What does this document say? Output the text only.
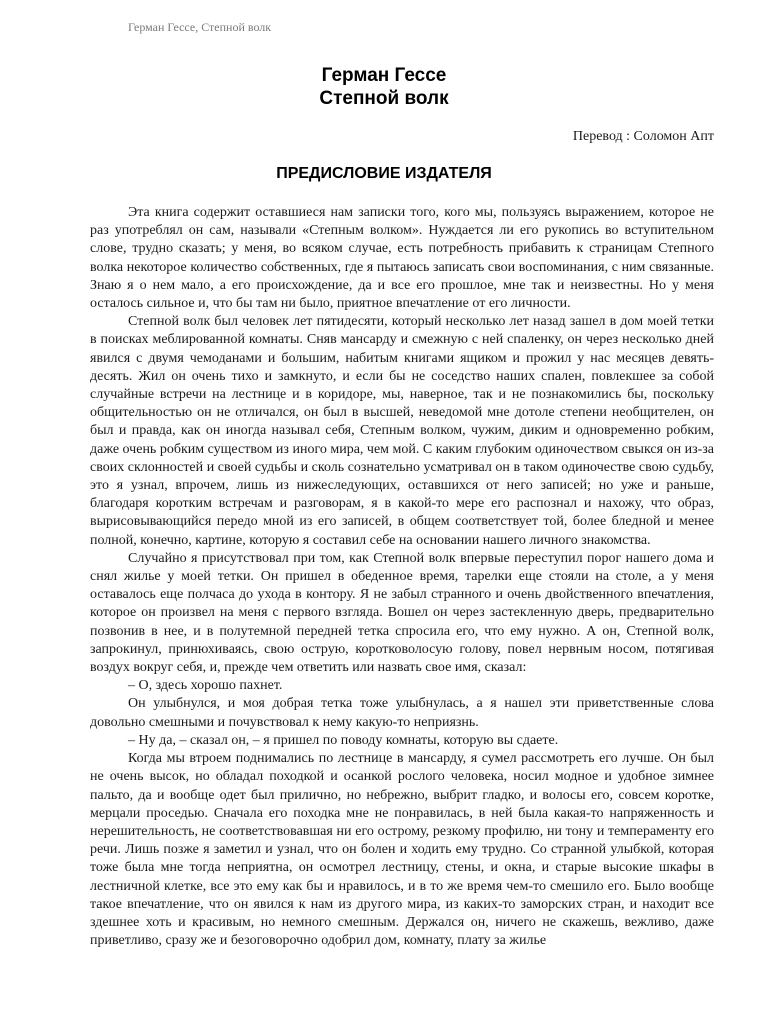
Герман Гессе, Степной волк
Герман Гессе
Степной волк
Перевод : Соломон Апт
ПРЕДИСЛОВИЕ ИЗДАТЕЛЯ

Эта книга содержит оставшиеся нам записки того, кого мы, пользуясь выражением, которое не раз употреблял он сам, называли «Степным волком». Нуждается ли его рукопись во вступительном слове, трудно сказать; у меня, во всяком случае, есть потребность прибавить к страницам Степного волка некоторое количество собственных, где я пытаюсь записать свои воспоминания, с ним связанные. Знаю я о нем мало, а его происхождение, да и все его прошлое, мне так и неизвестны. Но у меня осталось сильное и, что бы там ни было, приятное впечатление от его личности.

Степной волк был человек лет пятидесяти, который несколько лет назад зашел в дом моей тетки в поисках меблированной комнаты. Сняв мансарду и смежную с ней спаленку, он через несколько дней явился с двумя чемоданами и большим, набитым книгами ящиком и прожил у нас месяцев девять-десять. Жил он очень тихо и замкнуто, и если бы не соседство наших спален, повлекшее за собой случайные встречи на лестнице и в коридоре, мы, наверное, так и не познакомились бы, поскольку общительностью он не отличался, он был в высшей, неведомой мне дотоле степени необщителен, он был и правда, как он иногда называл себя, Степным волком, чужим, диким и одновременно робким, даже очень робким существом из иного мира, чем мой. С каким глубоким одиночеством свыкся он из-за своих склонностей и своей судьбы и сколь сознательно усматривал он в таком одиночестве свою судьбу, это я узнал, впрочем, лишь из нижеследующих, оставшихся от него записей; но уже и раньше, благодаря коротким встречам и разговорам, я в какой-то мере его распознал и нахожу, что образ, вырисовывающийся передо мной из его записей, в общем соответствует той, более бледной и менее полной, конечно, картине, которую я составил себе на основании нашего личного знакомства.

Случайно я присутствовал при том, как Степной волк впервые переступил порог нашего дома и снял жилье у моей тетки. Он пришел в обеденное время, тарелки еще стояли на столе, а у меня оставалось еще полчаса до ухода в контору. Я не забыл странного и очень двойственного впечатления, которое он произвел на меня с первого взгляда. Вошел он через застекленную дверь, предварительно позвонив в нее, и в полутемной передней тетка спросила его, что ему нужно. А он, Степной волк, запрокинул, принюхиваясь, свою острую, коротковолосую голову, повел нервным носом, потягивая воздух вокруг себя, и, прежде чем ответить или назвать свое имя, сказал:

– О, здесь хорошо пахнет.

Он улыбнулся, и моя добрая тетка тоже улыбнулась, а я нашел эти приветственные слова довольно смешными и почувствовал к нему какую-то неприязнь.

– Ну да, – сказал он, – я пришел по поводу комнаты, которую вы сдаете.

Когда мы втроем поднимались по лестнице в мансарду, я сумел рассмотреть его лучше. Он был не очень высок, но обладал походкой и осанкой рослого человека, носил модное и удобное зимнее пальто, да и вообще одет был прилично, но небрежно, выбрит гладко, и волосы его, совсем коротке, мерцали проседью. Сначала его походка мне не понравилась, в ней была какая-то напряженность и нерешительность, не соответствовавшая ни его острому, резкому профилю, ни тону и темпераменту его речи. Лишь позже я заметил и узнал, что он болен и ходить ему трудно. Со странной улыбкой, которая тоже была мне тогда неприятна, он осмотрел лестницу, стены, и окна, и старые высокие шкафы в лестничной клетке, все это ему как бы и нравилось, и в то же время чем-то смешило его. Было вообще такое впечатление, что он явился к нам из другого мира, из каких-то заморских стран, и находит все здешнее хоть и красивым, но немного смешным. Держался он, ничего не скажешь, вежливо, даже приветливо, сразу же и безоговорочно одобрил дом, комнату, плату за жилье
